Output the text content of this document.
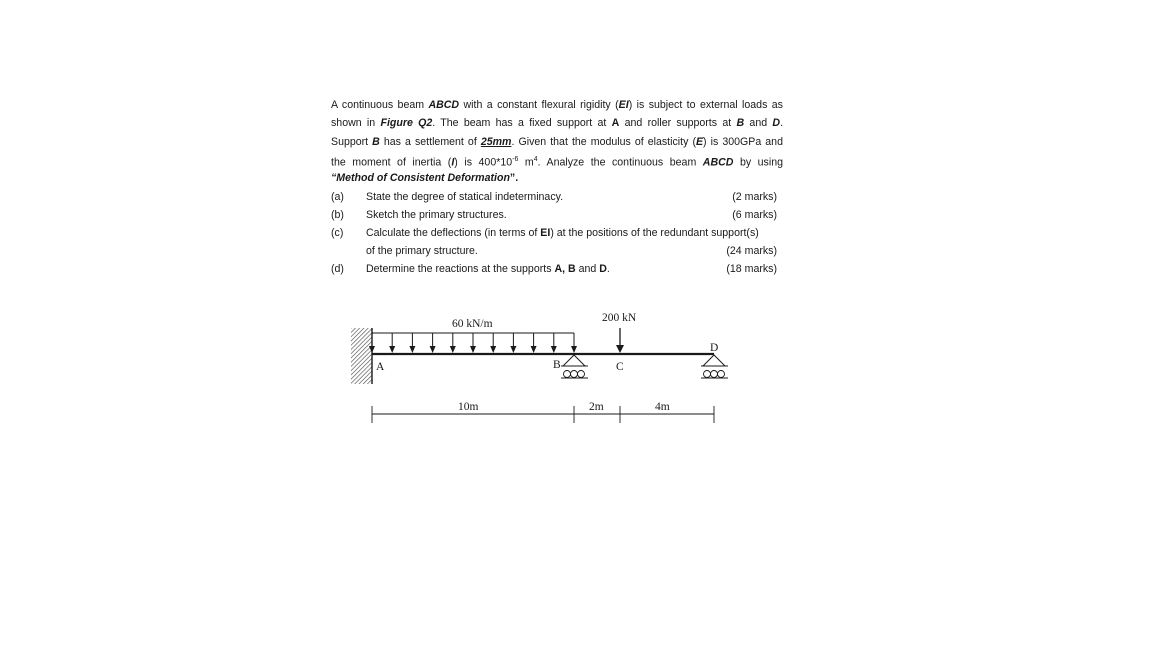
A continuous beam ABCD with a constant flexural rigidity (EI) is subject to external loads as
shown in Figure Q2. The beam has a fixed support at A and roller supports at B and D.
Support B has a settlement of 25mm. Given that the modulus of elasticity (E) is 300GPa and
the moment of inertia (I) is $400*10^{-6}$ $m^4$. Analyze the continuous beam ABCD by using
“Method of Consistent Deformation”.
(a) State the degree of statical indeterminacy.	(2 marks)
(b) Sketch the primary structures.	(6 marks)
(c) Calculate the deflections (in terms of EI) at the positions of the redundant support(s)
of the primary structure.	(24 marks)
(d) Determine the reactions at the supports A, B and D.	(18 marks)
60 kN/m	200 kN
A	B	C
D
10m	2m	4m
